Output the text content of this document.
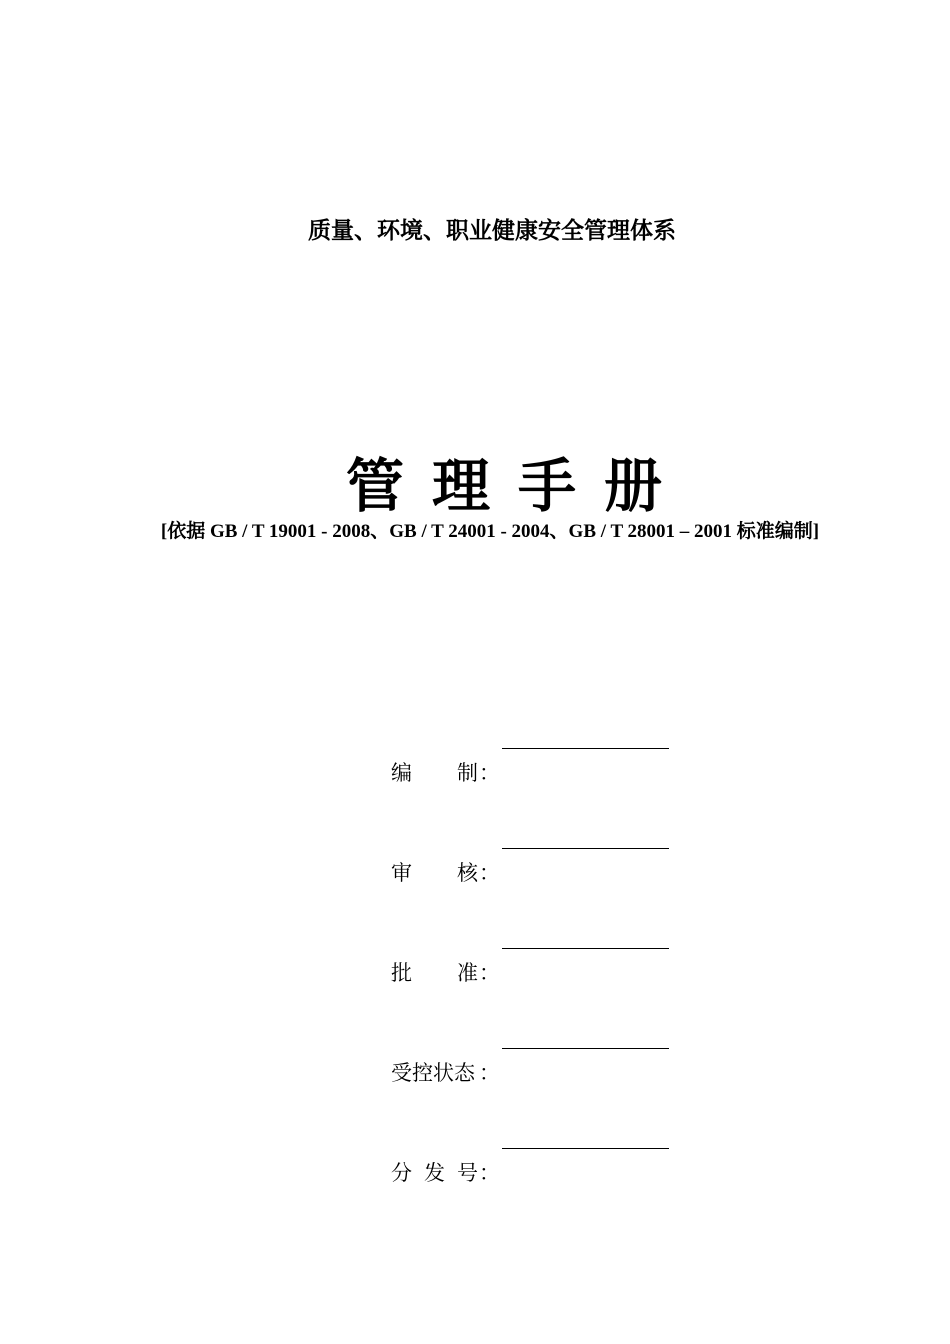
质量、环境、职业健康安全管理体系
管理手册
[依据 GB / T 19001 - 2008、GB / T 24001 - 2004、GB / T 28001 – 2001 标准编制]
编 制 ：
审 核 ：
批 准 ：
受控状态 ：
分 发 号 ：
